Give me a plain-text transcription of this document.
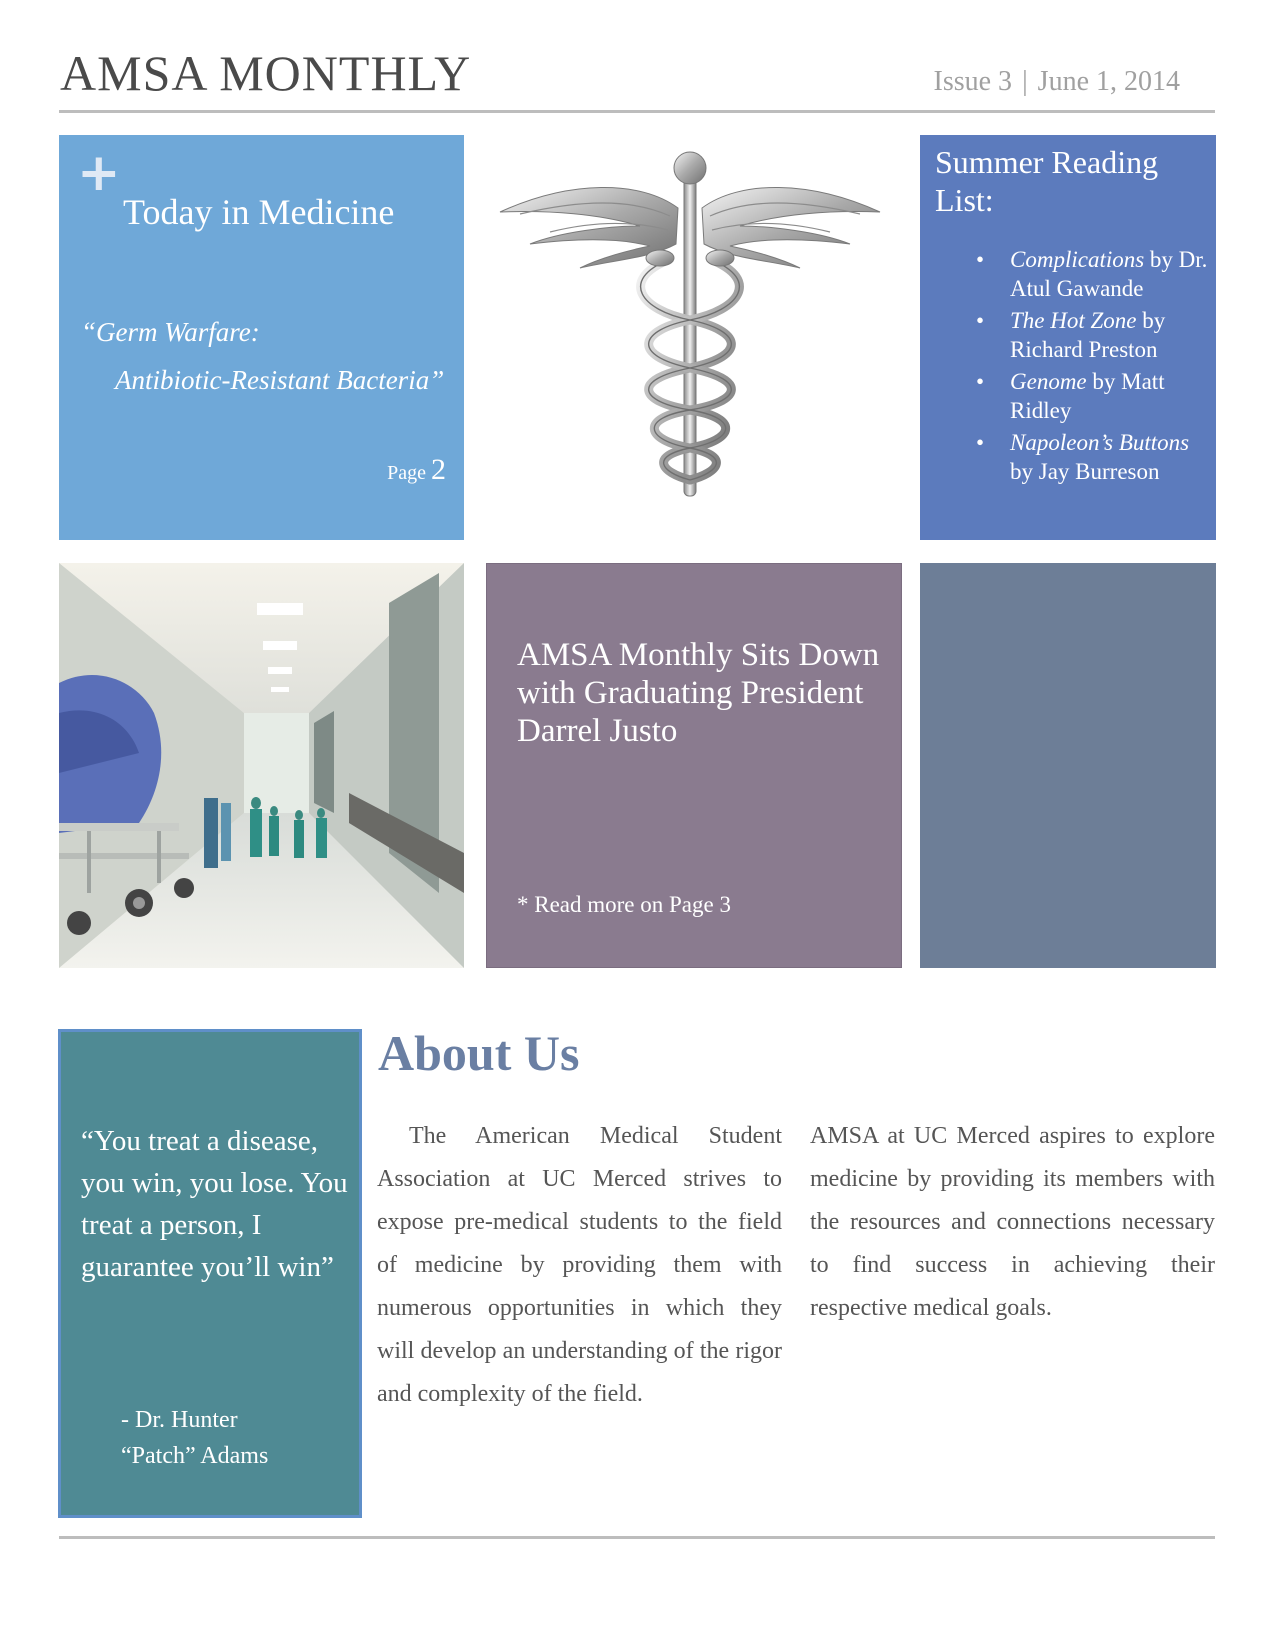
AMSA MONTHLY	Issue 3 | June 1, 2014
+
Today in Medicine
“Germ Warfare:
Antibiotic-Resistant Bacteria”
Page 2
Summer Reading List:
• Complications by Dr. Atul Gawande
• The Hot Zone by Richard Preston
• Genome by Matt Ridley
• Napoleon’s Buttons by Jay Burreson
AMSA Monthly Sits Down with Graduating President Darrel Justo
* Read more on Page 3
“You treat a disease, you win, you lose. You treat a person, I guarantee you’ll win”
- Dr. Hunter
“Patch” Adams
About Us
The American Medical Student Association at UC Merced strives to expose pre-medical students to the field of medicine by providing them with numerous opportunities in which they will develop an understanding of the rigor and complexity of the field.
AMSA at UC Merced aspires to explore medicine by providing its members with the resources and connections necessary to find success in achieving their respective medical goals.
